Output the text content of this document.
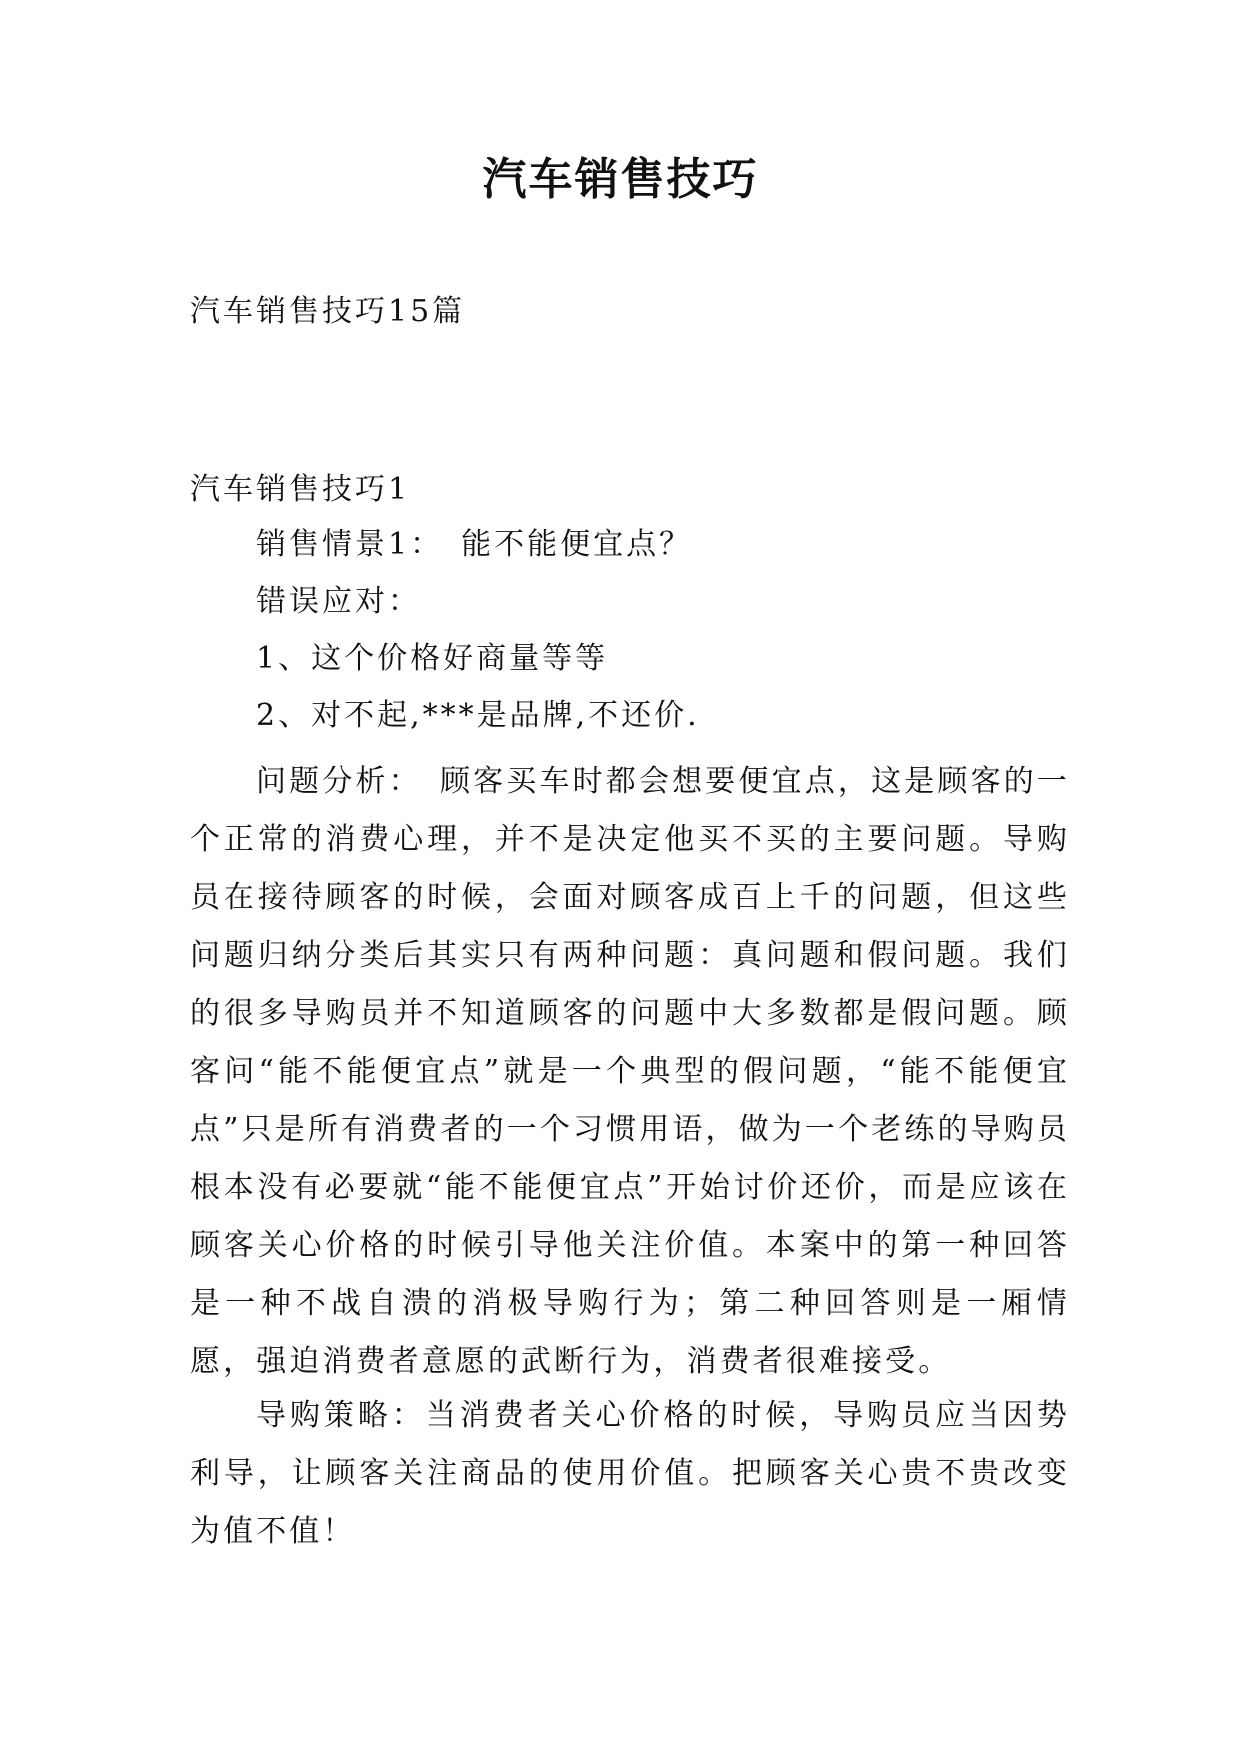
汽车销售技巧
汽车销售技巧15篇
汽车销售技巧1
销售情景1：　能不能便宜点？
错误应对：
1、这个价格好商量等等
2、对不起,***是品牌,不还价.
问题分析：　顾客买车时都会想要便宜点，这是顾客的一个正常的消费心理，并不是决定他买不买的主要问题。导购员在接待顾客的时候，会面对顾客成百上千的问题，但这些问题归纳分类后其实只有两种问题：真问题和假问题。我们的很多导购员并不知道顾客的问题中大多数都是假问题。顾客问“能不能便宜点”就是一个典型的假问题，“能不能便宜点”只是所有消费者的一个习惯用语，做为一个老练的导购员根本没有必要就“能不能便宜点”开始讨价还价，而是应该在顾客关心价格的时候引导他关注价值。本案中的第一种回答是一种不战自溃的消极导购行为；第二种回答则是一厢情愿，强迫消费者意愿的武断行为，消费者很难接受。
导购策略：当消费者关心价格的时候，导购员应当因势利导，让顾客关注商品的使用价值。把顾客关心贵不贵改变为值不值！
